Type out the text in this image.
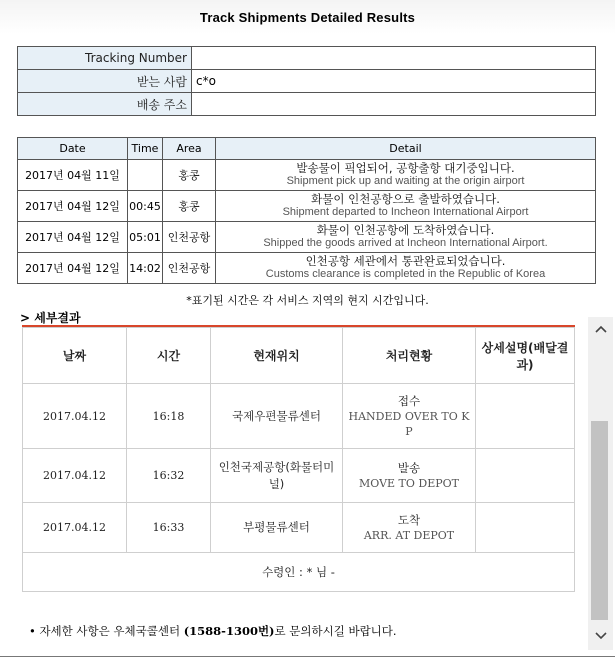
Track Shipments Detailed Results
Tracking Number	
받는 사람	c*o
배송 주소	
Date	Time	Area	Detail
2017년 04월 11일		홍콩	발송물이 픽업되어, 공항출항 대기중입니다.
Shipment pick up and waiting at the origin airport

2017년 04월 12일	00:45	홍콩	화물이 인천공항으로 출발하였습니다.
Shipment departed to Incheon International Airport

2017년 04월 12일	05:01	인천공항	화물이 인천공항에 도착하였습니다.
Shipped the goods arrived at Incheon International Airport.

2017년 04월 12일	14:02	인천공항	인천공항 세관에서 통관완료되었습니다.
Customs clearance is completed in the Republic of Korea
*표기된 시간은 각 서비스 지역의 현지 시간입니다.
> 세부결과
날짜	시간	현재위치	처리현황	상세설명(배달결과)
2017.04.12	16:18	국제우편물류센터	접수
HANDED OVER TO K P	

2017.04.12	16:32	인천국제공항(화물터미널)	발송
MOVE TO DEPOT	

2017.04.12	16:33	부평물류센터	도착
ARR. AT DEPOT	

수령인 : * 님 -				
• 자세한 사항은 우체국콜센터 (1588-1300번)로 문의하시길 바랍니다.
